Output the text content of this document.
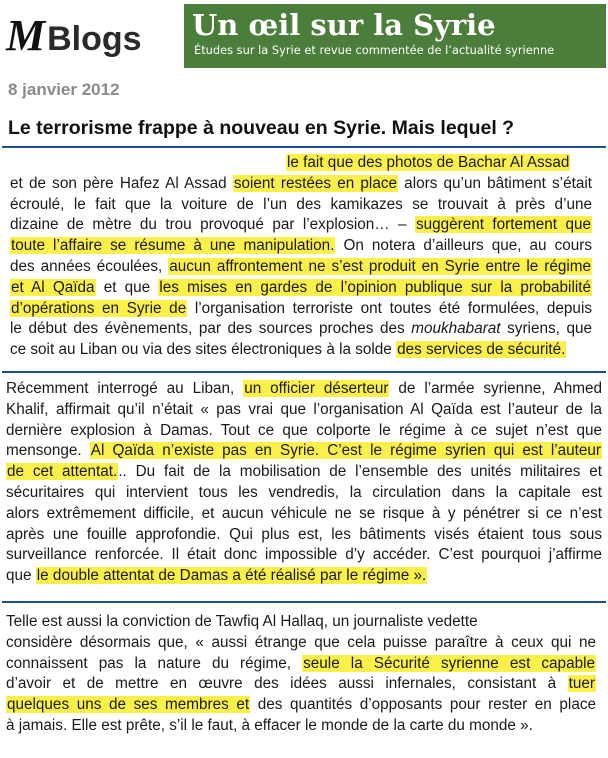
M Blogs Un œil sur la Syrie
Études sur la Syrie et revue commentée de l’actualité syrienne
8 janvier 2012
Le terrorisme frappe à nouveau en Syrie. Mais lequel ?
le fait que des photos de Bachar Al Assad
et de son père Hafez Al Assad soient restées en place alors qu’un bâtiment s’était
écroulé, le fait que la voiture de l’un des kamikazes se trouvait à près d’une
dizaine de mètre du trou provoqué par l’explosion… – suggèrent fortement que
toute l’affaire se résume à une manipulation. On notera d’ailleurs que, au cours
des années écoulées, aucun affrontement ne s’est produit en Syrie entre le régime
et Al Qaïda et que les mises en gardes de l’opinion publique sur la probabilité
d’opérations en Syrie de l’organisation terroriste ont toutes été formulées, depuis
le début des évènements, par des sources proches des moukhabarat syriens, que
ce soit au Liban ou via des sites électroniques à la solde des services de sécurité.
Récemment interrogé au Liban, un officier déserteur de l’armée syrienne, Ahmed
Khalif, affirmait qu’il n’était « pas vrai que l’organisation Al Qaïda est l’auteur de la
dernière explosion à Damas. Tout ce que colporte le régime à ce sujet n’est que
mensonge. Al Qaïda n’existe pas en Syrie. C’est le régime syrien qui est l’auteur
de cet attentat... Du fait de la mobilisation de l’ensemble des unités militaires et
sécuritaires qui intervient tous les vendredis, la circulation dans la capitale est
alors extrêmement difficile, et aucun véhicule ne se risque à y pénétrer si ce n’est
après une fouille approfondie. Qui plus est, les bâtiments visés étaient tous sous
surveillance renforcée. Il était donc impossible d’y accéder. C’est pourquoi j’affirme
que le double attentat de Damas a été réalisé par le régime ».
Telle est aussi la conviction de Tawfiq Al Hallaq, un journaliste vedette
considère désormais que, « aussi étrange que cela puisse paraître à ceux qui ne
connaissent pas la nature du régime, seule la Sécurité syrienne est capable
d’avoir et de mettre en œuvre des idées aussi infernales, consistant à tuer
quelques uns de ses membres et des quantités d’opposants pour rester en place
à jamais. Elle est prête, s’il le faut, à effacer le monde de la carte du monde ».
